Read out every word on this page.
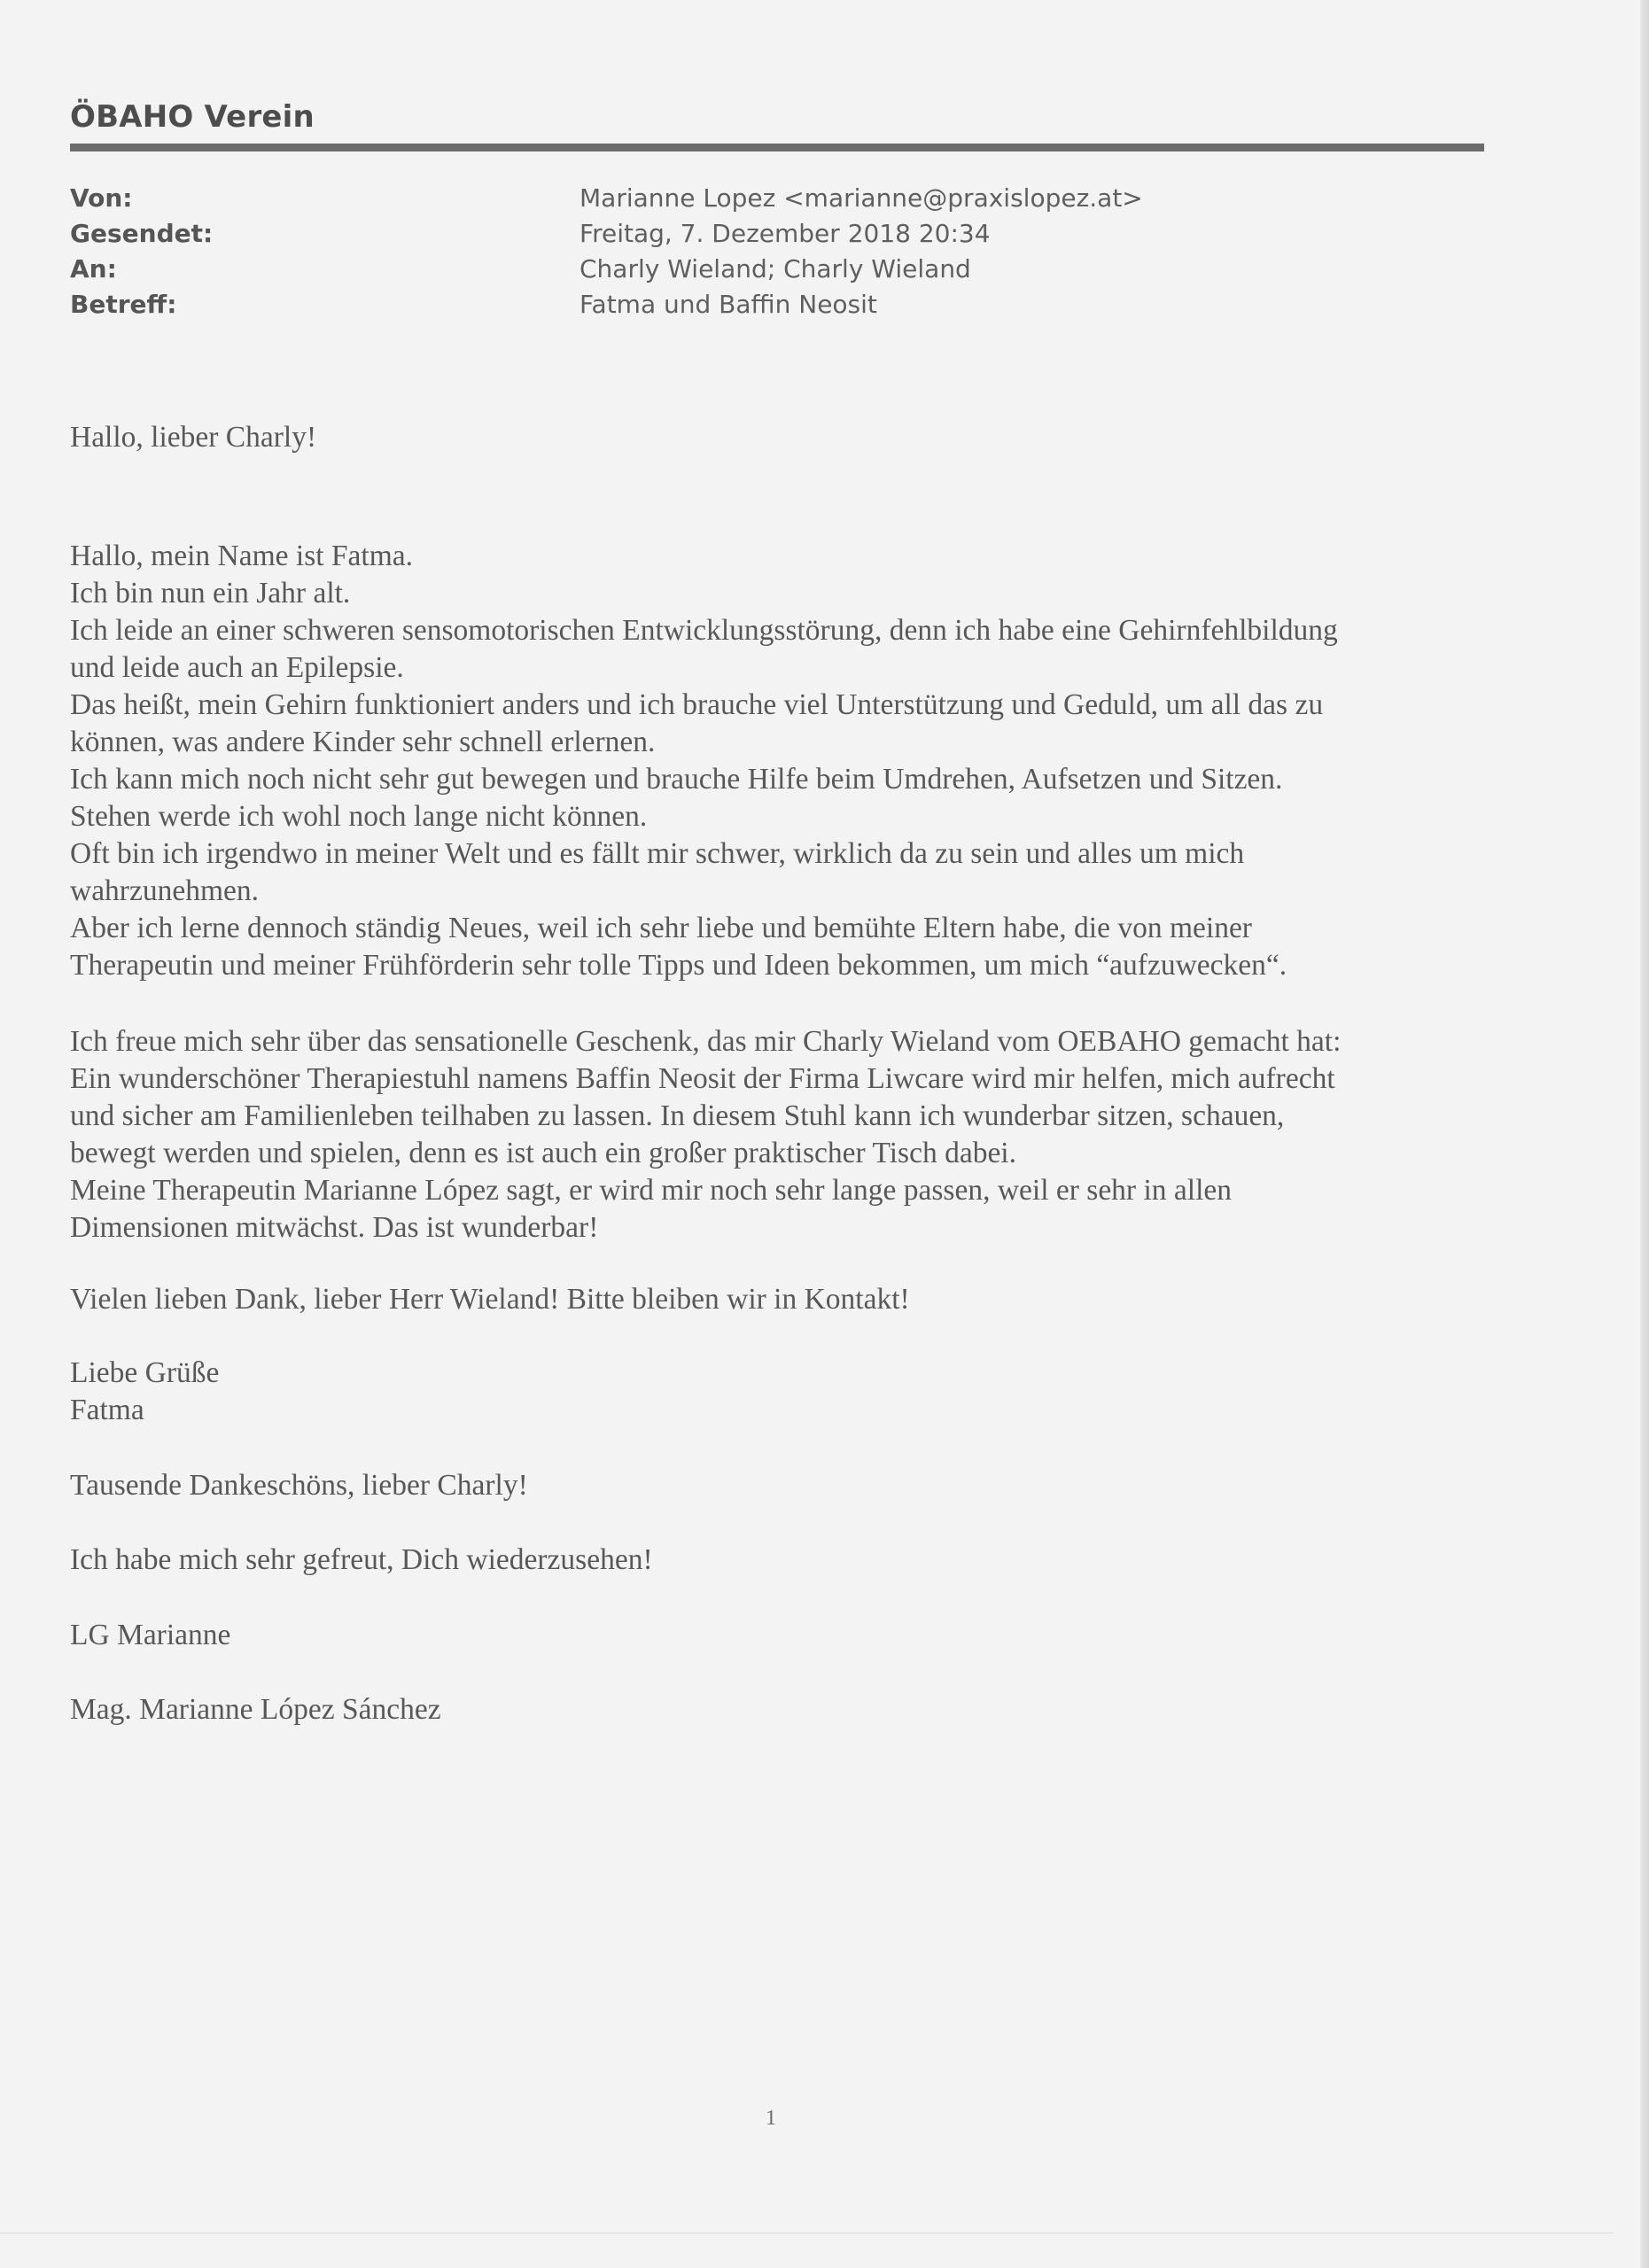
ÖBAHO Verein
Von:	Marianne Lopez <marianne@praxislopez.at>
Gesendet:	Freitag, 7. Dezember 2018 20:34
An:	Charly Wieland; Charly Wieland
Betreff:	Fatma und Baffin Neosit
Hallo, lieber Charly!
Hallo, mein Name ist Fatma.
Ich bin nun ein Jahr alt.
Ich leide an einer schweren sensomotorischen Entwicklungsstörung, denn ich habe eine Gehirnfehlbildung
und leide auch an Epilepsie.
Das heißt, mein Gehirn funktioniert anders und ich brauche viel Unterstützung und Geduld, um all das zu
können, was andere Kinder sehr schnell erlernen.
Ich kann mich noch nicht sehr gut bewegen und brauche Hilfe beim Umdrehen, Aufsetzen und Sitzen.
Stehen werde ich wohl noch lange nicht können.
Oft bin ich irgendwo in meiner Welt und es fällt mir schwer, wirklich da zu sein und alles um mich
wahrzunehmen.
Aber ich lerne dennoch ständig Neues, weil ich sehr liebe und bemühte Eltern habe, die von meiner
Therapeutin und meiner Frühförderin sehr tolle Tipps und Ideen bekommen, um mich “aufzuwecken“.
Ich freue mich sehr über das sensationelle Geschenk, das mir Charly Wieland vom OEBAHO gemacht hat:
Ein wunderschöner Therapiestuhl namens Baffin Neosit der Firma Liwcare wird mir helfen, mich aufrecht
und sicher am Familienleben teilhaben zu lassen. In diesem Stuhl kann ich wunderbar sitzen, schauen,
bewegt werden und spielen, denn es ist auch ein großer praktischer Tisch dabei.
Meine Therapeutin Marianne López sagt, er wird mir noch sehr lange passen, weil er sehr in allen
Dimensionen mitwächst. Das ist wunderbar!
Vielen lieben Dank, lieber Herr Wieland! Bitte bleiben wir in Kontakt!
Liebe Grüße
Fatma
Tausende Dankeschöns, lieber Charly!
Ich habe mich sehr gefreut, Dich wiederzusehen!
LG Marianne
Mag. Marianne López Sánchez
1
